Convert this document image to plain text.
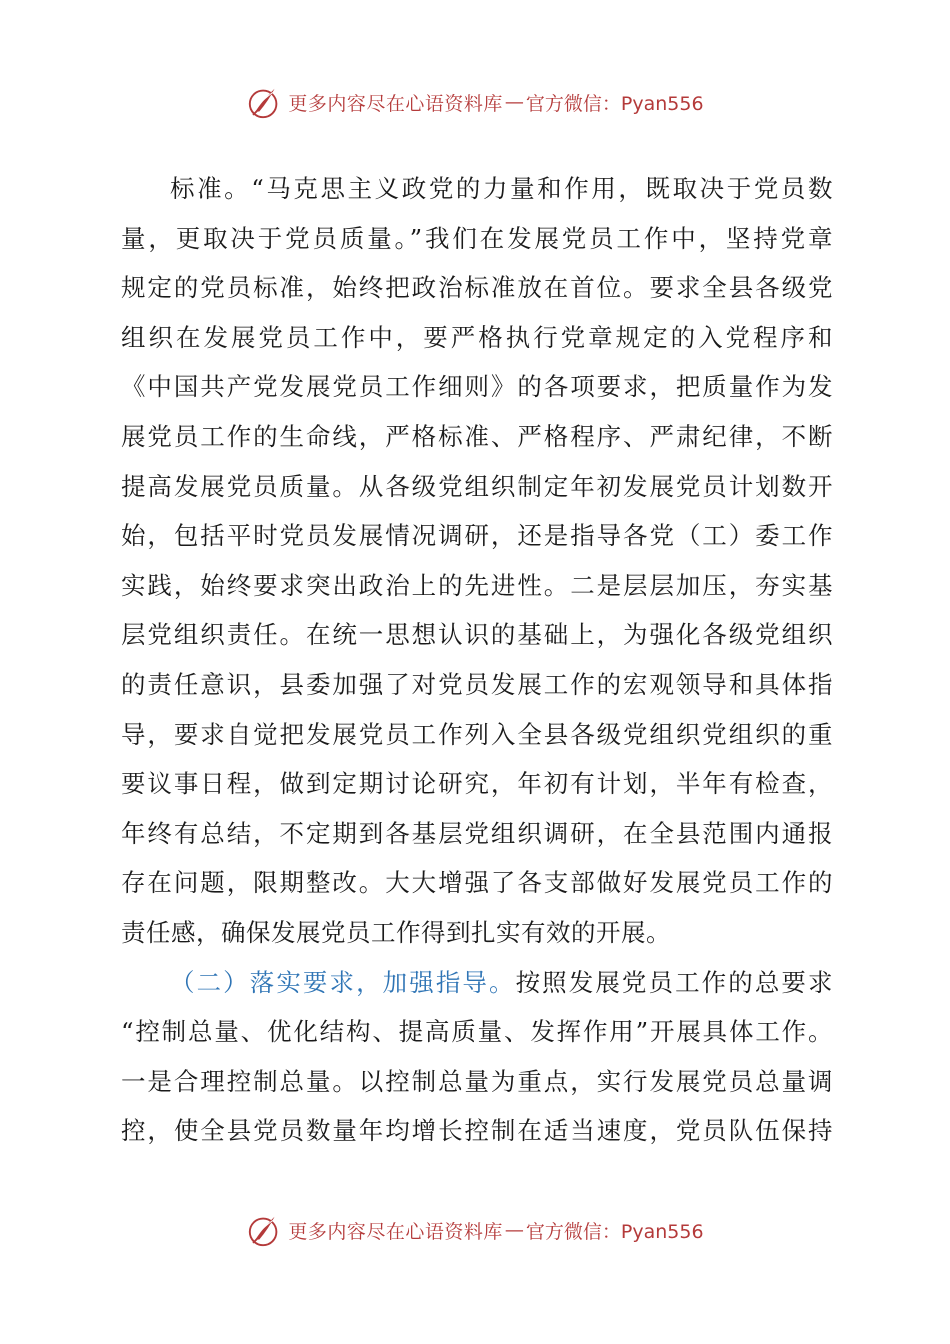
更多内容尽在心语资料库 — 官方微信：Pyan556
标准。“马克思主义政党的力量和作用，既取决于党员数
量，更取决于党员质量。”我们在发展党员工作中，坚持党章
规定的党员标准，始终把政治标准放在首位。要求全县各级党
组织在发展党员工作中，要严格执行党章规定的入党程序和
《中国共产党发展党员工作细则》的各项要求，把质量作为发
展党员工作的生命线，严格标准、严格程序、严肃纪律，不断
提高发展党员质量。从各级党组织制定年初发展党员计划数开
始，包括平时党员发展情况调研，还是指导各党（工）委工作
实践，始终要求突出政治上的先进性。二是层层加压，夯实基
层党组织责任。在统一思想认识的基础上，为强化各级党组织
的责任意识，县委加强了对党员发展工作的宏观领导和具体指
导，要求自觉把发展党员工作列入全县各级党组织党组织的重
要议事日程，做到定期讨论研究，年初有计划，半年有检查，
年终有总结，不定期到各基层党组织调研，在全县范围内通报
存在问题，限期整改。大大增强了各支部做好发展党员工作的
责任感，确保发展党员工作得到扎实有效的开展。
（二）落实要求，加强指导。按照发展党员工作的总要求
“控制总量、优化结构、提高质量、发挥作用”开展具体工作。
一是合理控制总量。以控制总量为重点，实行发展党员总量调
控，使全县党员数量年均增长控制在适当速度，党员队伍保持
更多内容尽在心语资料库 — 官方微信：Pyan556
